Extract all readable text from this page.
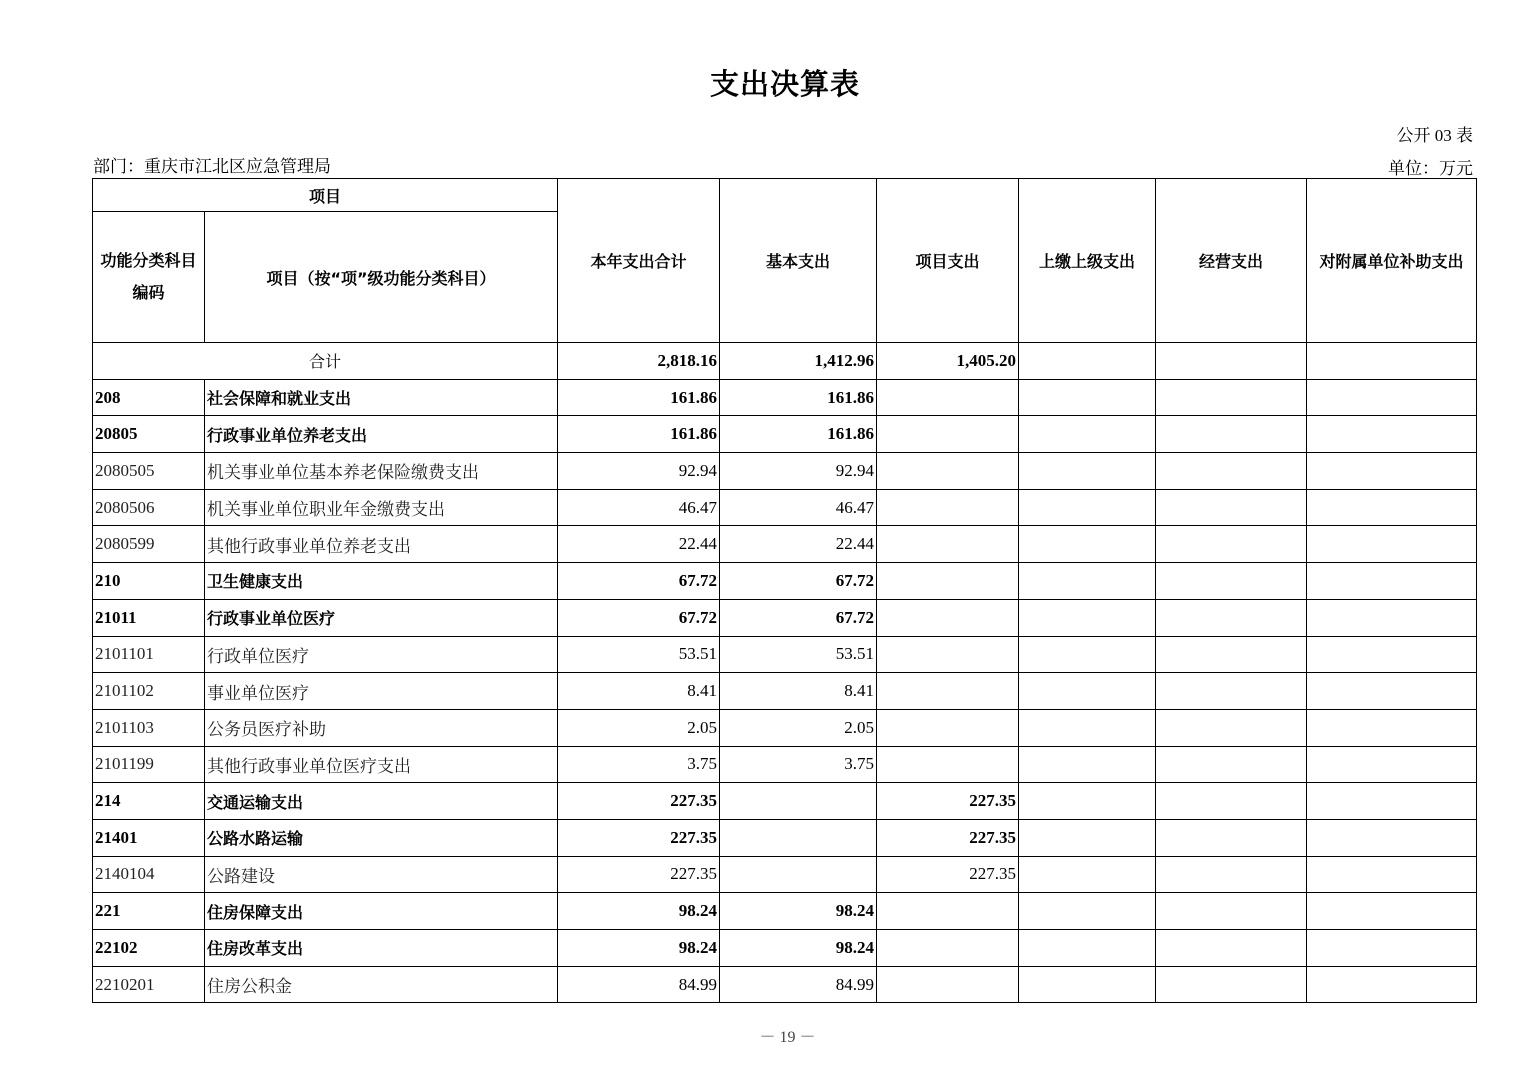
支出决算表
公开 03 表
部门：重庆市江北区应急管理局	单位：万元
项目		本年支出合计	基本支出	项目支出	上缴上级支出	经营支出	对附属单位补助支出
功能分类科目编码	项目（按“项”级功能分类科目）						
合计		2,818.16	1,412.96	1,405.20			
208	社会保障和就业支出	161.86	161.86				
20805	行政事业单位养老支出	161.86	161.86				
2080505	机关事业单位基本养老保险缴费支出	92.94	92.94				
2080506	机关事业单位职业年金缴费支出	46.47	46.47				
2080599	其他行政事业单位养老支出	22.44	22.44				
210	卫生健康支出	67.72	67.72				
21011	行政事业单位医疗	67.72	67.72				
2101101	行政单位医疗	53.51	53.51				
2101102	事业单位医疗	8.41	8.41				
2101103	公务员医疗补助	2.05	2.05				
2101199	其他行政事业单位医疗支出	3.75	3.75				
214	交通运输支出	227.35		227.35			
21401	公路水路运输	227.35		227.35			
2140104	公路建设	227.35		227.35			
221	住房保障支出	98.24	98.24				
22102	住房改革支出	98.24	98.24				
2210201	住房公积金	84.99	84.99				
－ 19 －
